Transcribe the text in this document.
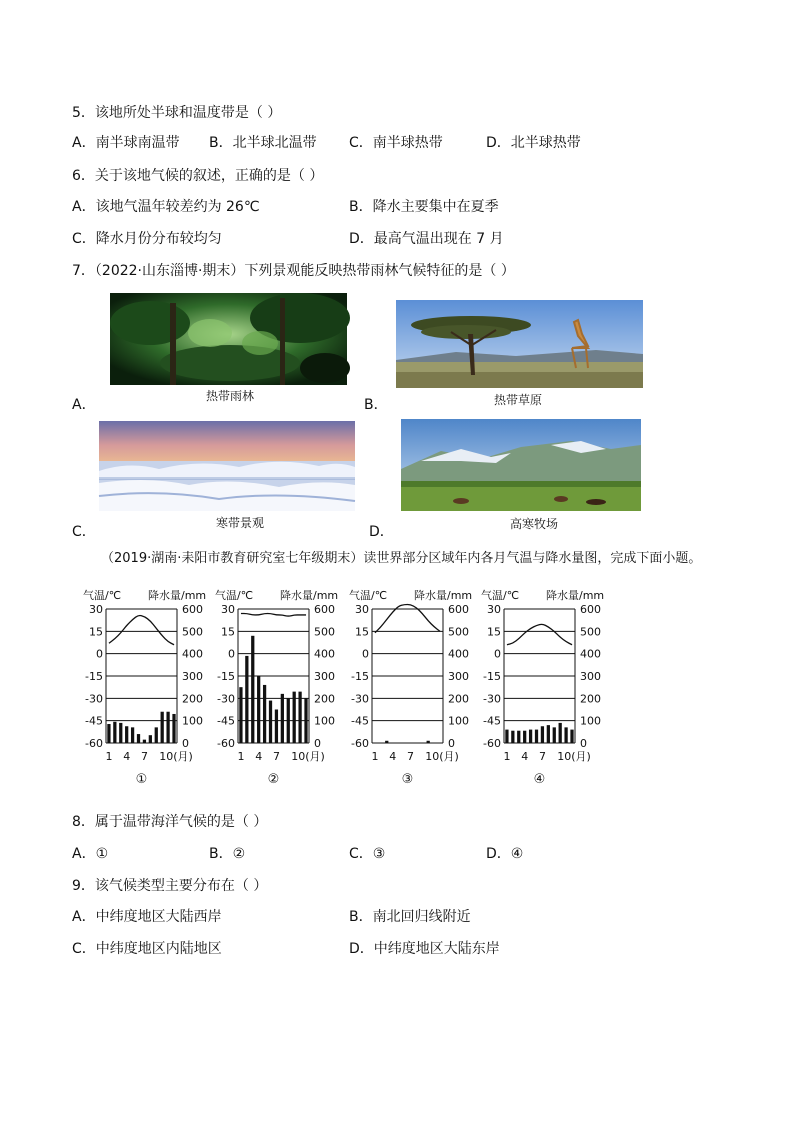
5．该地所处半球和温度带是（ ）
A．南半球南温带 B．北半球北温带 C．南半球热带	D．北半球热带
6．关于该地气候的叙述，正确的是（ ）
A．该地气温年较差约为 26℃	B．降水主要集中在夏季
C．降水月份分布较均匀	D．最高气温出现在 7 月
7．（2022·山东淄博·期末）下列景观能反映热带雨林气候特征的是（ ）
热带雨林
A．	热带草原
B．
寒带景观
C．	高寒牧场
D．
（2019·湖南·耒阳市教育研究室七年级期末）读世界部分区域年内各月气温与降水量图，完成下面小题。
气温/℃ 降水量/mm
30	600
15	500
0	400
-15	300
-30	200
-45	100
-60	0
1 4 7 10(月)
①
气温/℃ 降水量/mm
30	600
15	500
0	400
-15	300
-30	200
-45	100
-60	0
1 4 7 10(月)
②
气温/℃ 降水量/mm
30	600
15	500
0	400
-15	300
-30	200
-45	100
-60	0
1 4 7 10(月)
③
气温/℃ 降水量/mm
30	600
15	500
0	400
-15	300
-30	200
-45	100
-60	0
1 4 7 10(月)
④
8．属于温带海洋气候的是（ ）
A．①	B．②	C．③	D．④
9．该气候类型主要分布在（ ）
A．中纬度地区大陆西岸	B．南北回归线附近
C．中纬度地区内陆地区	D．中纬度地区大陆东岸
